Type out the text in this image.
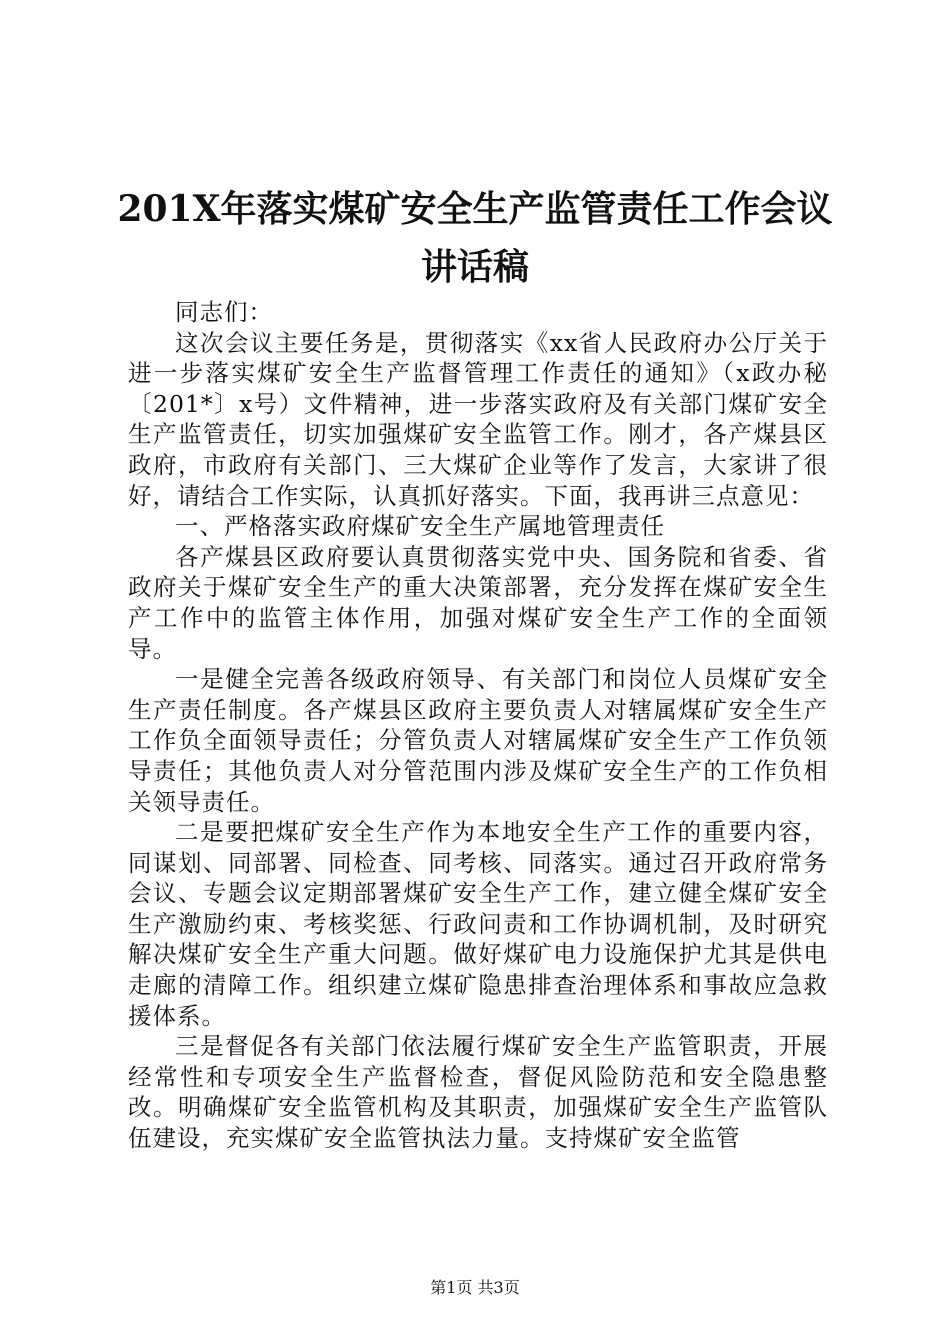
201X年落实煤矿安全生产监管责任工作会议
讲话稿

同志们：

这次会议主要任务是，贯彻落实《xx省人民政府办公厅关于进一步落实煤矿安全生产监督管理工作责任的通知》（x政办秘〔201*〕x号）文件精神，进一步落实政府及有关部门煤矿安全生产监管责任，切实加强煤矿安全监管工作。刚才，各产煤县区政府，市政府有关部门、三大煤矿企业等作了发言，大家讲了很好，请结合工作实际，认真抓好落实。下面，我再讲三点意见：

一、严格落实政府煤矿安全生产属地管理责任

各产煤县区政府要认真贯彻落实党中央、国务院和省委、省政府关于煤矿安全生产的重大决策部署，充分发挥在煤矿安全生产工作中的监管主体作用，加强对煤矿安全生产工作的全面领导。

一是健全完善各级政府领导、有关部门和岗位人员煤矿安全生产责任制度。各产煤县区政府主要负责人对辖属煤矿安全生产工作负全面领导责任；分管负责人对辖属煤矿安全生产工作负领导责任；其他负责人对分管范围内涉及煤矿安全生产的工作负相关领导责任。

二是要把煤矿安全生产作为本地安全生产工作的重要内容，同谋划、同部署、同检查、同考核、同落实。通过召开政府常务会议、专题会议定期部署煤矿安全生产工作，建立健全煤矿安全生产激励约束、考核奖惩、行政问责和工作协调机制，及时研究解决煤矿安全生产重大问题。做好煤矿电力设施保护尤其是供电走廊的清障工作。组织建立煤矿隐患排查治理体系和事故应急救援体系。

三是督促各有关部门依法履行煤矿安全生产监管职责，开展经常性和专项安全生产监督检查，督促风险防范和安全隐患整改。明确煤矿安全监管机构及其职责，加强煤矿安全生产监管队伍建设，充实煤矿安全监管执法力量。支持煤矿安全监管

第1页 共3页
